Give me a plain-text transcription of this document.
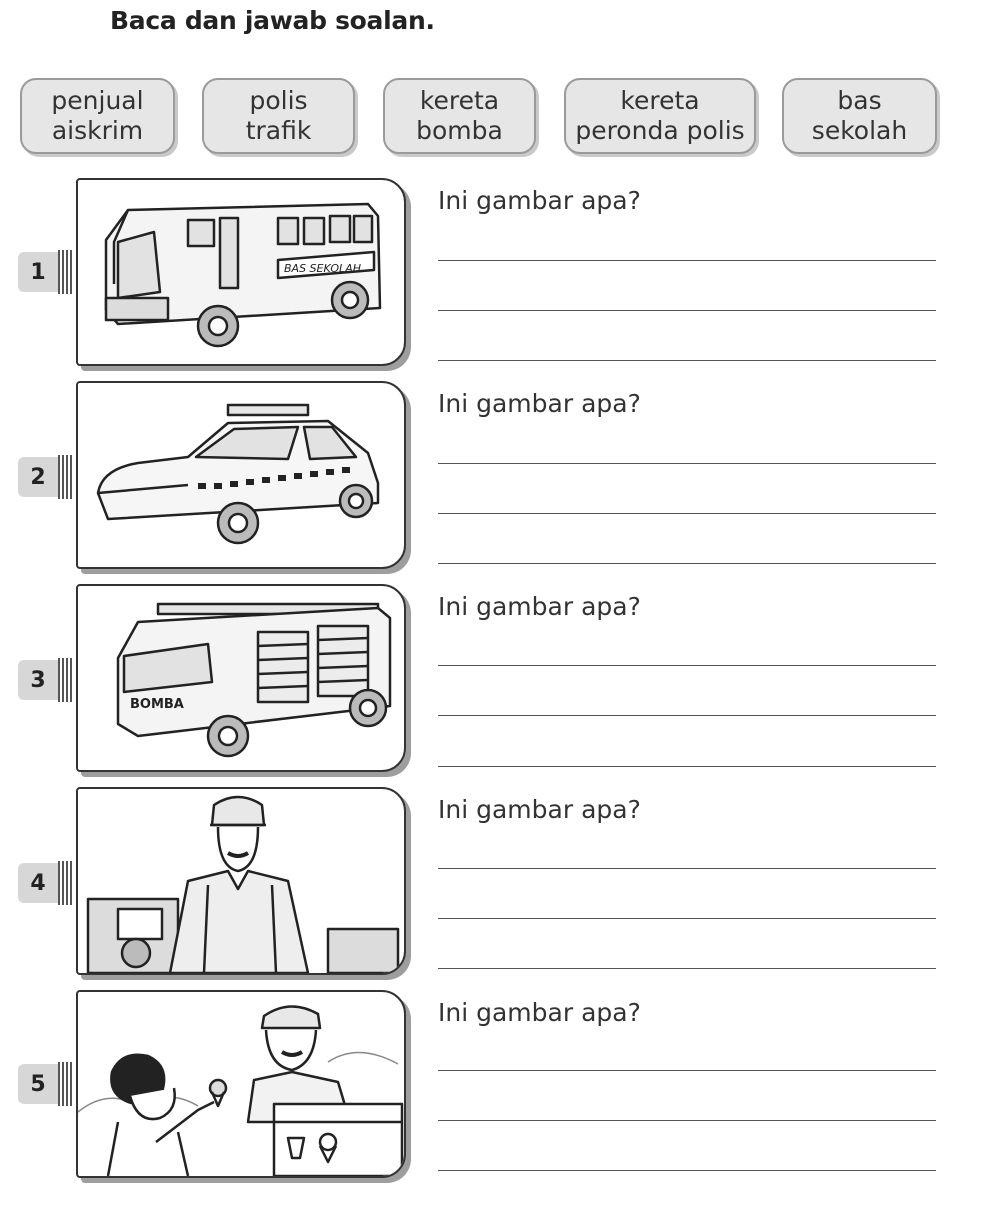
Baca dan jawab soalan.
penjual
aiskrim
polis
trafik
kereta
bomba
kereta
peronda polis
bas
sekolah
1	BAS SEKOLAH
Ini gambar apa?
2
Ini gambar apa?
3
BOMBA
Ini gambar apa?
4
Ini gambar apa?
5
Ini gambar apa?
